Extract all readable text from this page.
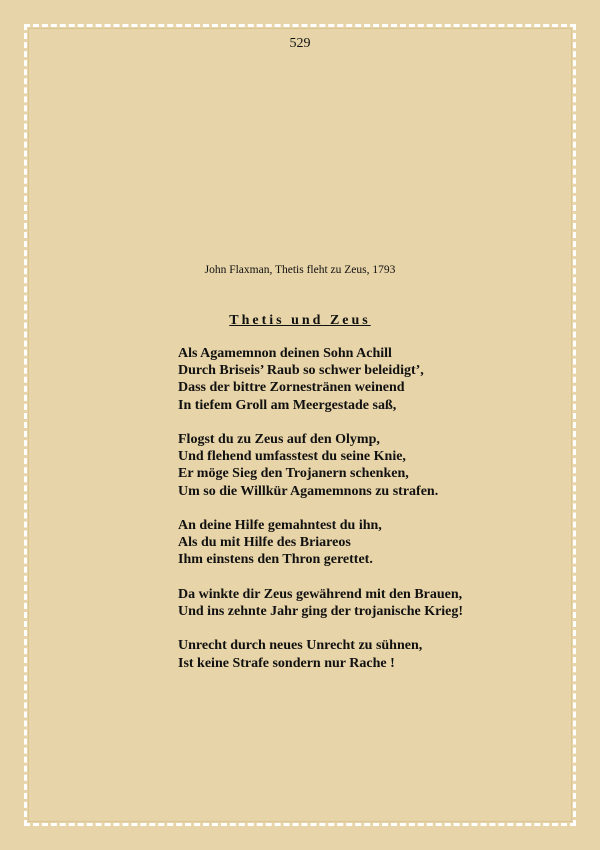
529
John Flaxman, Thetis fleht zu Zeus, 1793
Thetis und Zeus
Als Agamemnon deinen Sohn Achill
Durch Briseis’ Raub so schwer beleidigt’,
Dass der bittre Zornestränen weinend
In tiefem Groll am Meergestade saß,
Flogst du zu Zeus auf den Olymp,
Und flehend umfasstest du seine Knie,
Er möge Sieg den Trojanern schenken,
Um so die Willkür Agamemnons zu strafen.
An deine Hilfe gemahntest du ihn,
Als du mit Hilfe des Briareos
Ihm einstens den Thron gerettet.
Da winkte dir Zeus gewährend mit den Brauen,
Und ins zehnte Jahr ging der trojanische Krieg!
Unrecht durch neues Unrecht zu sühnen,
Ist keine Strafe sondern nur Rache !
